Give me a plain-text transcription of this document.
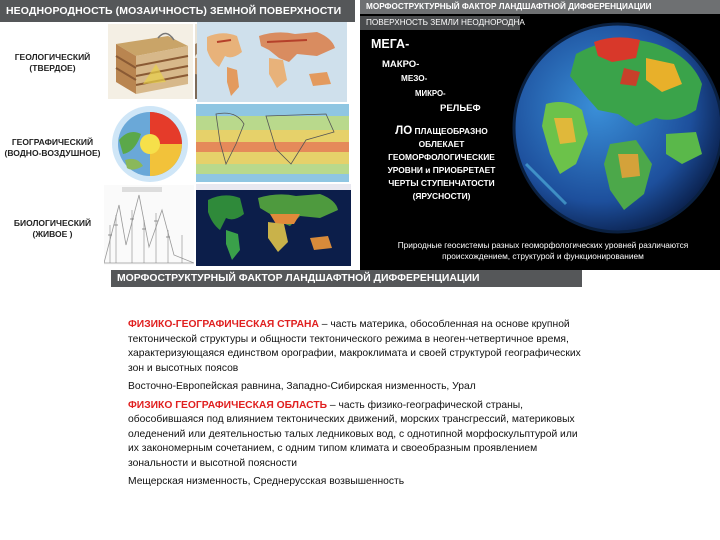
НЕОДНОРОДНОСТЬ (МОЗАИЧНОСТЬ) ЗЕМНОЙ ПОВЕРХНОСТИ
ГЕОЛОГИЧЕСКИЙ
(ТВЕРДОЕ)
ГЕОГРАФИЧЕСКИЙ
(ВОДНО-ВОЗДУШНОЕ)
БИОЛОГИЧЕСКИЙ
(ЖИВОЕ )
МОРФОСТРУКТУРНЫЙ ФАКТОР ЛАНДШАФТНОЙ ДИФФЕРЕНЦИАЦИИ
ПОВЕРХНОСТЬ ЗЕМЛИ НЕОДНОРОДНА
МЕГА-
МАКРО-
МЕЗО-
МИКРО-
РЕЛЬЕФ
ЛО ПЛАЩЕОБРАЗНО
ОБЛЕКАЕТ
ГЕОМОРФОЛОГИЧЕСКИЕ
УРОВНИ и ПРИОБРЕТАЕТ
ЧЕРТЫ СТУПЕНЧАТОСТИ
(ЯРУСНОСТИ)
Природные геосистемы разных геоморфологических уровней различаются происхождением, структурой и функционированием
МОРФОСТРУКТУРНЫЙ ФАКТОР ЛАНДШАФТНОЙ ДИФФЕРЕНЦИАЦИИ

ФИЗИКО-ГЕОГРАФИЧЕСКАЯ СТРАНА – часть материка, обособленная на основе крупной тектонической структуры и общности тектонического режима в неоген-четвертичное время, характеризующаяся единством орографии, макроклимата и своей структурой географических зон и высотных поясов

Восточно-Европейская равнина, Западно-Сибирская низменность, Урал

ФИЗИКО ГЕОГРАФИЧЕСКАЯ ОБЛАСТЬ – часть физико-географической страны, обособившаяся под влиянием тектонических движений, морских трансгрессий, материковых оледенений или деятельностью талых ледниковых вод, с однотипной морфоскульптурой или их закономерным сочетанием, с одним типом климата и своеобразным проявлением зональности и высотной поясности

Мещерская низменность, Среднерусская возвышенность
